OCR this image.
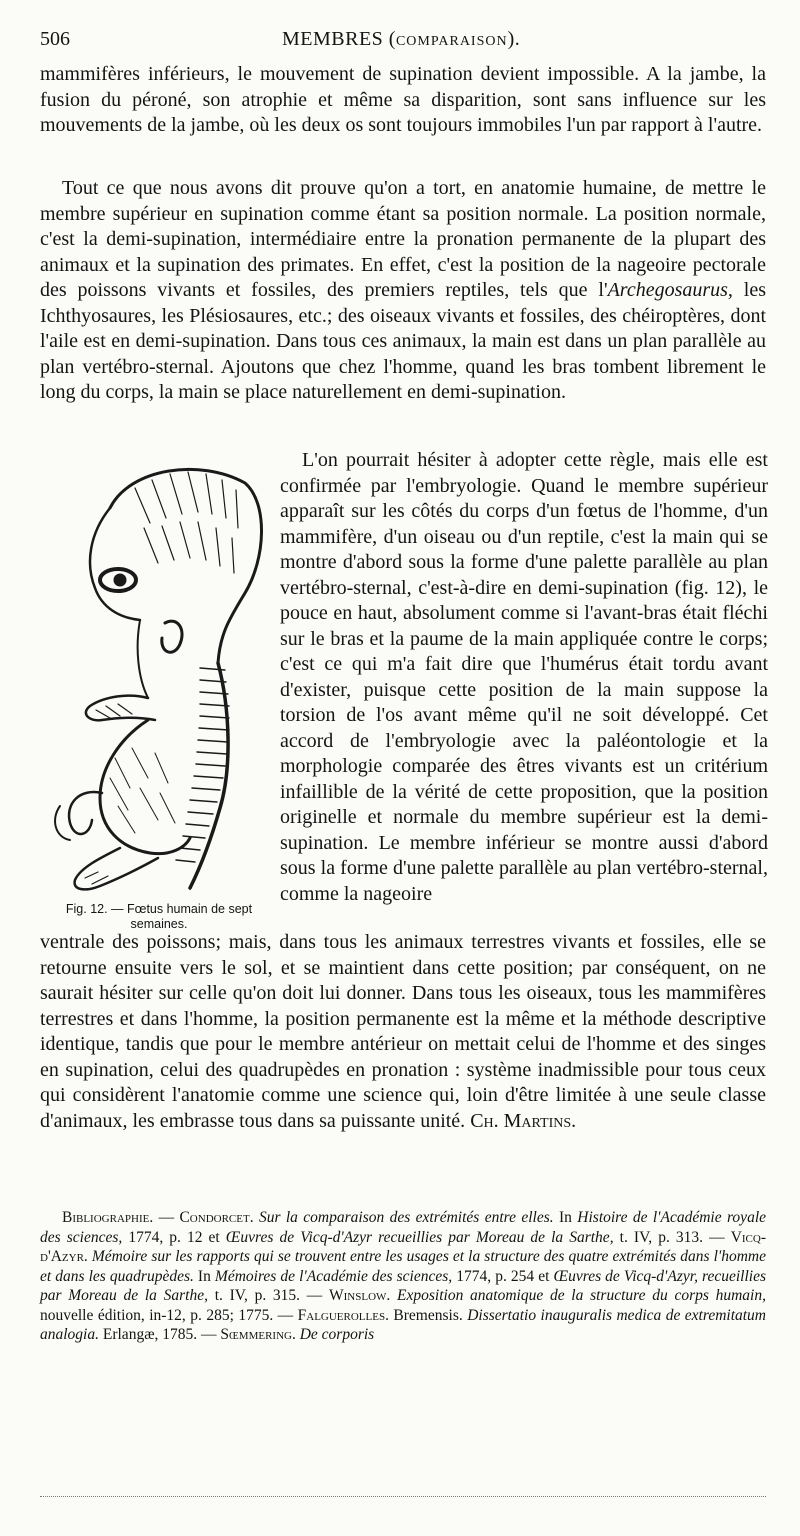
506	MEMBRES (COMPARAISON).

mammifères inférieurs, le mouvement de supination devient impossible. A la jambe, la fusion du péroné, son atrophie et même sa disparition, sont sans influence sur les mouvements de la jambe, où les deux os sont toujours immobiles l'un par rapport à l'autre.

Tout ce que nous avons dit prouve qu'on a tort, en anatomie humaine, de mettre le membre supérieur en supination comme étant sa position normale. La position normale, c'est la demi-supination, intermédiaire entre la pronation permanente de la plupart des animaux et la supination des primates. En effet, c'est la position de la nageoire pectorale des poissons vivants et fossiles, des premiers reptiles, tels que l'Archegosaurus, les Ichthyosaures, les Plésiosaures, etc.; des oiseaux vivants et fossiles, des chéiroptères, dont l'aile est en demi-supination. Dans tous ces animaux, la main est dans un plan parallèle au plan vertébro-sternal. Ajoutons que chez l'homme, quand les bras tombent librement le long du corps, la main se place naturellement en demi-supination.

Fig. 12. — Fœtus humain de sept semaines.

L'on pourrait hésiter à adopter cette règle, mais elle est confirmée par l'embryologie. Quand le membre supérieur apparaît sur les côtés du corps d'un fœtus de l'homme, d'un mammifère, d'un oiseau ou d'un reptile, c'est la main qui se montre d'abord sous la forme d'une palette parallèle au plan vertébro-sternal, c'est-à-dire en demi-supination (fig. 12), le pouce en haut, absolument comme si l'avant-bras était fléchi sur le bras et la paume de la main appliquée contre le corps; c'est ce qui m'a fait dire que l'humérus était tordu avant d'exister, puisque cette position de la main suppose la torsion de l'os avant même qu'il ne soit développé. Cet accord de l'embryologie avec la paléontologie et la morphologie comparée des êtres vivants est un critérium infaillible de la vérité de cette proposition, que la position originelle et normale du membre supérieur est la demi-supination. Le membre inférieur se montre aussi d'abord sous la forme d'une palette parallèle au plan vertébro-sternal, comme la nageoire

ventrale des poissons; mais, dans tous les animaux terrestres vivants et fossiles, elle se retourne ensuite vers le sol, et se maintient dans cette position; par conséquent, on ne saurait hésiter sur celle qu'on doit lui donner. Dans tous les oiseaux, tous les mammifères terrestres et dans l'homme, la position permanente est la même et la méthode descriptive identique, tandis que pour le membre antérieur on mettait celui de l'homme et des singes en supination, celui des quadrupèdes en pronation : système inadmissible pour tous ceux qui considèrent l'anatomie comme une science qui, loin d'être limitée à une seule classe d'animaux, les embrasse tous dans sa puissante unité. Ch. Martins.

Bibliographie. — Condorcet. Sur la comparaison des extrémités entre elles. In Histoire de l'Académie royale des sciences, 1774, p. 12 et Œuvres de Vicq-d'Azyr recueillies par Moreau de la Sarthe, t. IV, p. 313. — Vicq-d'Azyr. Mémoire sur les rapports qui se trouvent entre les usages et la structure des quatre extrémités dans l'homme et dans les quadrupèdes. In Mémoires de l'Académie des sciences, 1774, p. 254 et Œuvres de Vicq-d'Azyr, recueillies par Moreau de la Sarthe, t. IV, p. 315. — Winslow. Exposition anatomique de la structure du corps humain, nouvelle édition, in-12, p. 285; 1775. — Falguerolles. Bremensis. Dissertatio inauguralis medica de extremitatum analogia. Erlangæ, 1785. — Sœmmering. De corporis
